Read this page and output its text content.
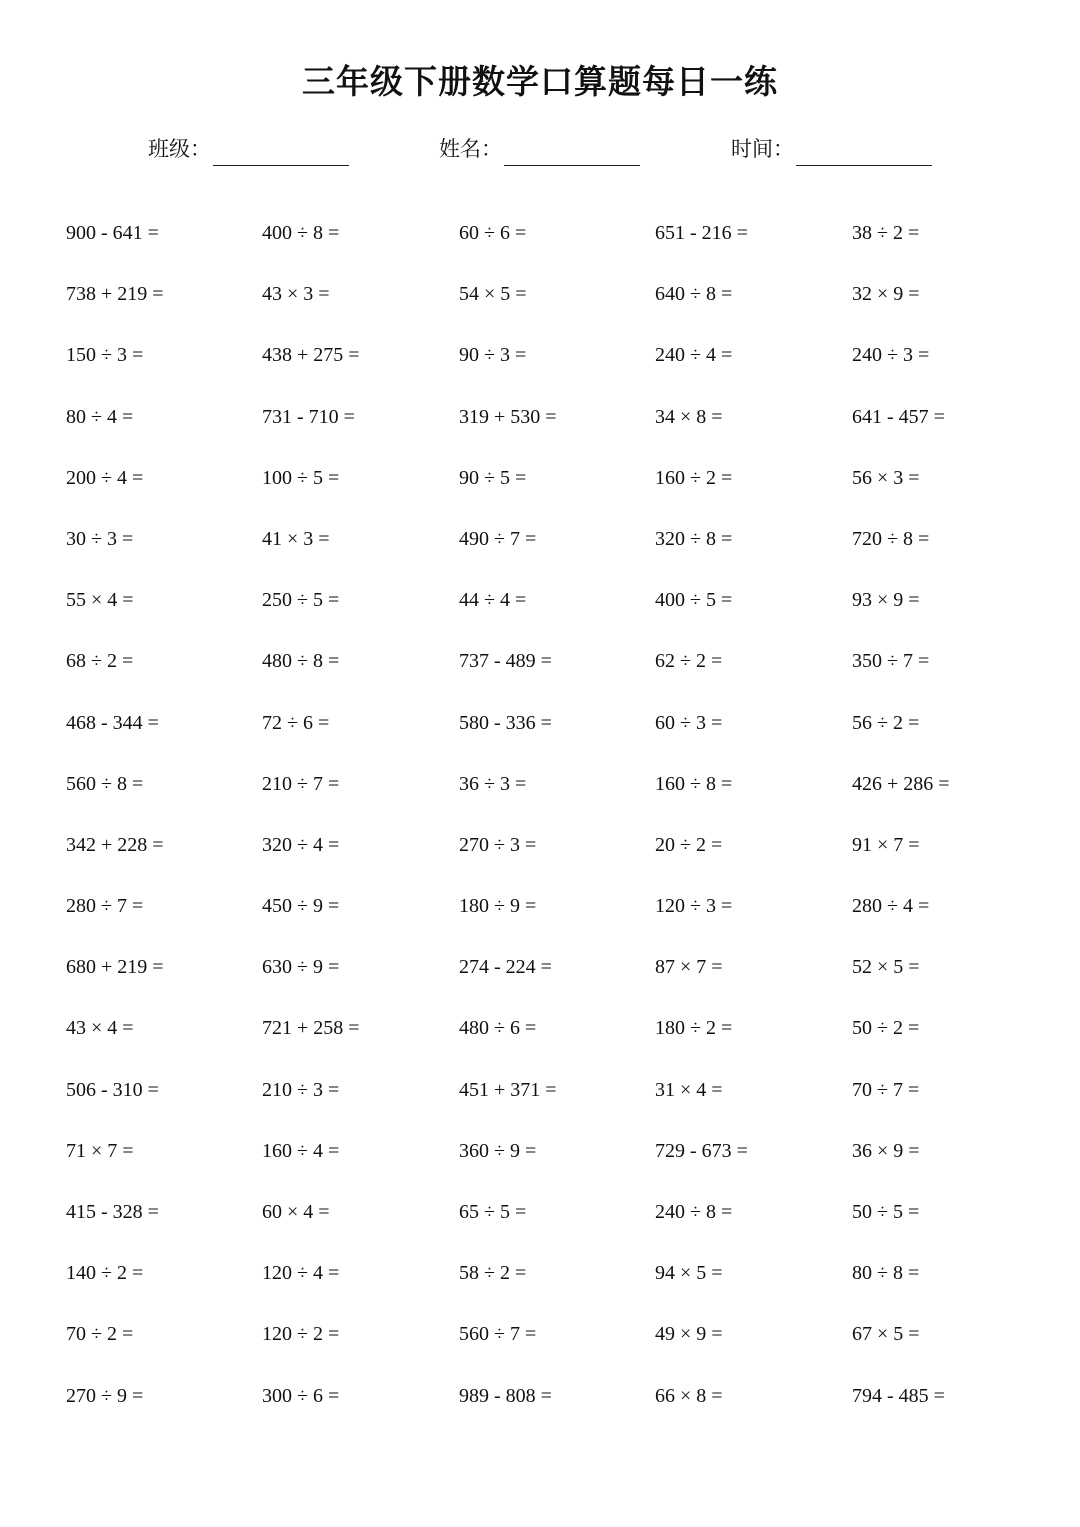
三年级下册数学口算题每日一练
班级：	姓名：	时间：
900 - 641 =	400 ÷ 8 =	60 ÷ 6 =	651 - 216 =	38 ÷ 2 =
738 + 219 =	43 × 3 =	54 × 5 =	640 ÷ 8 =	32 × 9 =
150 ÷ 3 =	438 + 275 =	90 ÷ 3 =	240 ÷ 4 =	240 ÷ 3 =
80 ÷ 4 =	731 - 710 =	319 + 530 =	34 × 8 =	641 - 457 =
200 ÷ 4 =	100 ÷ 5 =	90 ÷ 5 =	160 ÷ 2 =	56 × 3 =
30 ÷ 3 =	41 × 3 =	490 ÷ 7 =	320 ÷ 8 =	720 ÷ 8 =
55 × 4 =	250 ÷ 5 =	44 ÷ 4 =	400 ÷ 5 =	93 × 9 =
68 ÷ 2 =	480 ÷ 8 =	737 - 489 =	62 ÷ 2 =	350 ÷ 7 =
468 - 344 =	72 ÷ 6 =	580 - 336 =	60 ÷ 3 =	56 ÷ 2 =
560 ÷ 8 =	210 ÷ 7 =	36 ÷ 3 =	160 ÷ 8 =	426 + 286 =
342 + 228 =	320 ÷ 4 =	270 ÷ 3 =	20 ÷ 2 =	91 × 7 =
280 ÷ 7 =	450 ÷ 9 =	180 ÷ 9 =	120 ÷ 3 =	280 ÷ 4 =
680 + 219 =	630 ÷ 9 =	274 - 224 =	87 × 7 =	52 × 5 =
43 × 4 =	721 + 258 =	480 ÷ 6 =	180 ÷ 2 =	50 ÷ 2 =
506 - 310 =	210 ÷ 3 =	451 + 371 =	31 × 4 =	70 ÷ 7 =
71 × 7 =	160 ÷ 4 =	360 ÷ 9 =	729 - 673 =	36 × 9 =
415 - 328 =	60 × 4 =	65 ÷ 5 =	240 ÷ 8 =	50 ÷ 5 =
140 ÷ 2 =	120 ÷ 4 =	58 ÷ 2 =	94 × 5 =	80 ÷ 8 =
70 ÷ 2 =	120 ÷ 2 =	560 ÷ 7 =	49 × 9 =	67 × 5 =
270 ÷ 9 =	300 ÷ 6 =	989 - 808 =	66 × 8 =	794 - 485 =
